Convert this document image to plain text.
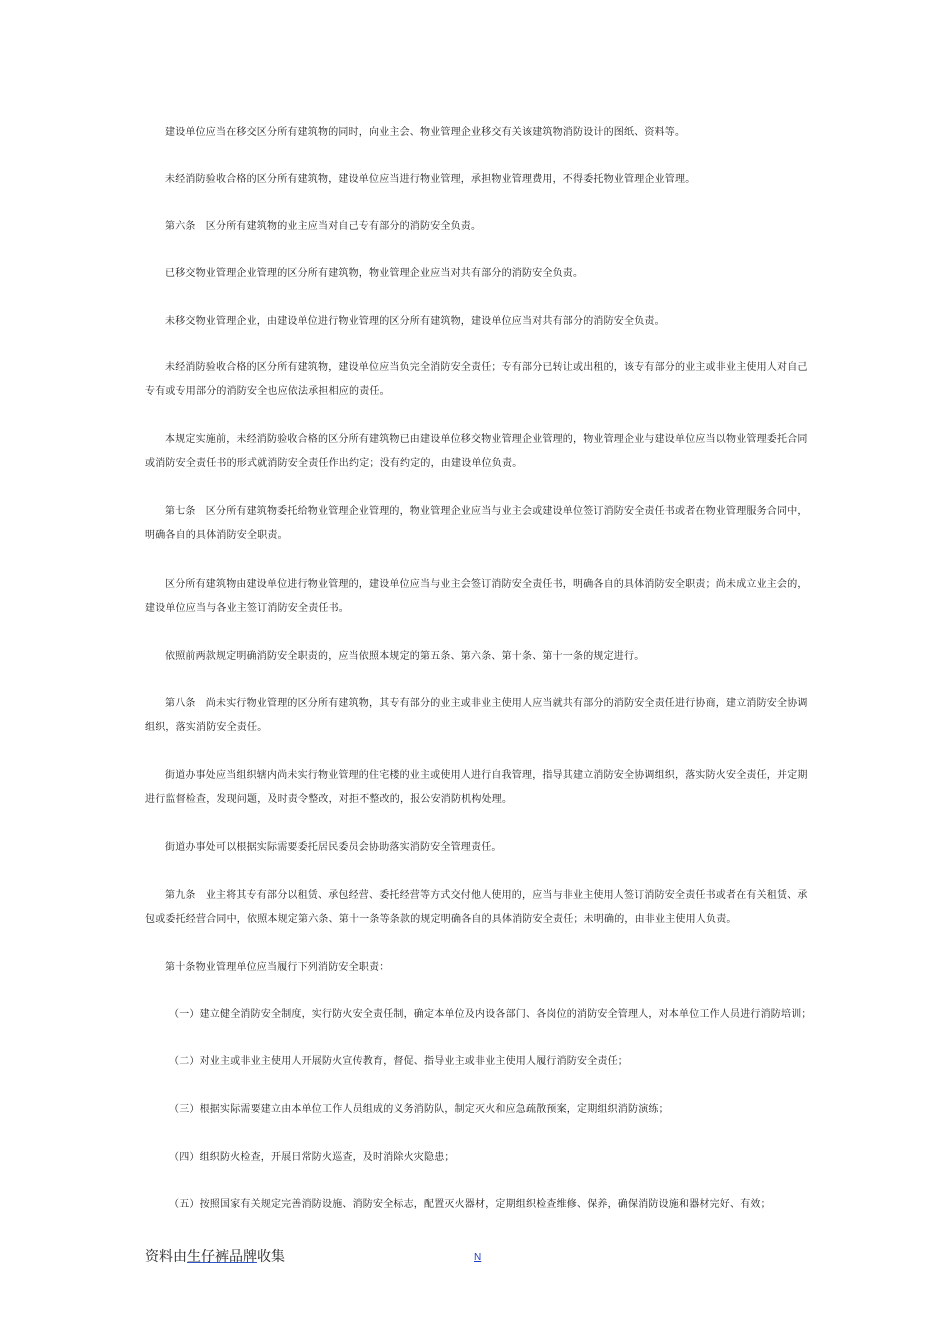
建设单位应当在移交区分所有建筑物的同时，向业主会、物业管理企业移交有关该建筑物消防设计的图纸、资料等。

未经消防验收合格的区分所有建筑物，建设单位应当进行物业管理，承担物业管理费用，不得委托物业管理企业管理。

第六条　区分所有建筑物的业主应当对自己专有部分的消防安全负责。

已移交物业管理企业管理的区分所有建筑物，物业管理企业应当对共有部分的消防安全负责。

未移交物业管理企业，由建设单位进行物业管理的区分所有建筑物，建设单位应当对共有部分的消防安全负责。

未经消防验收合格的区分所有建筑物，建设单位应当负完全消防安全责任；专有部分已转让或出租的，该专有部分的业主或非业主使用人对自己专有或专用部分的消防安全也应依法承担相应的责任。

本规定实施前，未经消防验收合格的区分所有建筑物已由建设单位移交物业管理企业管理的，物业管理企业与建设单位应当以物业管理委托合同或消防安全责任书的形式就消防安全责任作出约定；没有约定的，由建设单位负责。

第七条　区分所有建筑物委托给物业管理企业管理的，物业管理企业应当与业主会或建设单位签订消防安全责任书或者在物业管理服务合同中，明确各自的具体消防安全职责。

区分所有建筑物由建设单位进行物业管理的，建设单位应当与业主会签订消防安全责任书，明确各自的具体消防安全职责；尚未成立业主会的，建设单位应当与各业主签订消防安全责任书。

依照前两款规定明确消防安全职责的，应当依照本规定的第五条、第六条、第十条、第十一条的规定进行。

第八条　尚未实行物业管理的区分所有建筑物，其专有部分的业主或非业主使用人应当就共有部分的消防安全责任进行协商，建立消防安全协调组织，落实消防安全责任。

街道办事处应当组织辖内尚未实行物业管理的住宅楼的业主或使用人进行自我管理，指导其建立消防安全协调组织，落实防火安全责任，并定期进行监督检查，发现问题，及时责令整改，对拒不整改的，报公安消防机构处理。

街道办事处可以根据实际需要委托居民委员会协助落实消防安全管理责任。

第九条　业主将其专有部分以租赁、承包经营、委托经营等方式交付他人使用的，应当与非业主使用人签订消防安全责任书或者在有关租赁、承包或委托经营合同中，依照本规定第六条、第十一条等条款的规定明确各自的具体消防安全责任；未明确的，由非业主使用人负责。

第十条物业管理单位应当履行下列消防安全职责：

（一）建立健全消防安全制度，实行防火安全责任制，确定本单位及内设各部门、各岗位的消防安全管理人，对本单位工作人员进行消防培训；

（二）对业主或非业主使用人开展防火宣传教育，督促、指导业主或非业主使用人履行消防安全责任；

（三）根据实际需要建立由本单位工作人员组成的义务消防队，制定灭火和应急疏散预案，定期组织消防演练；

（四）组织防火检查，开展日常防火巡查，及时消除火灾隐患；

（五）按照国家有关规定完善消防设施、消防安全标志，配置灭火器材，定期组织检查维修、保养，确保消防设施和器材完好、有效；

资料由生仔裤品牌收集	N
